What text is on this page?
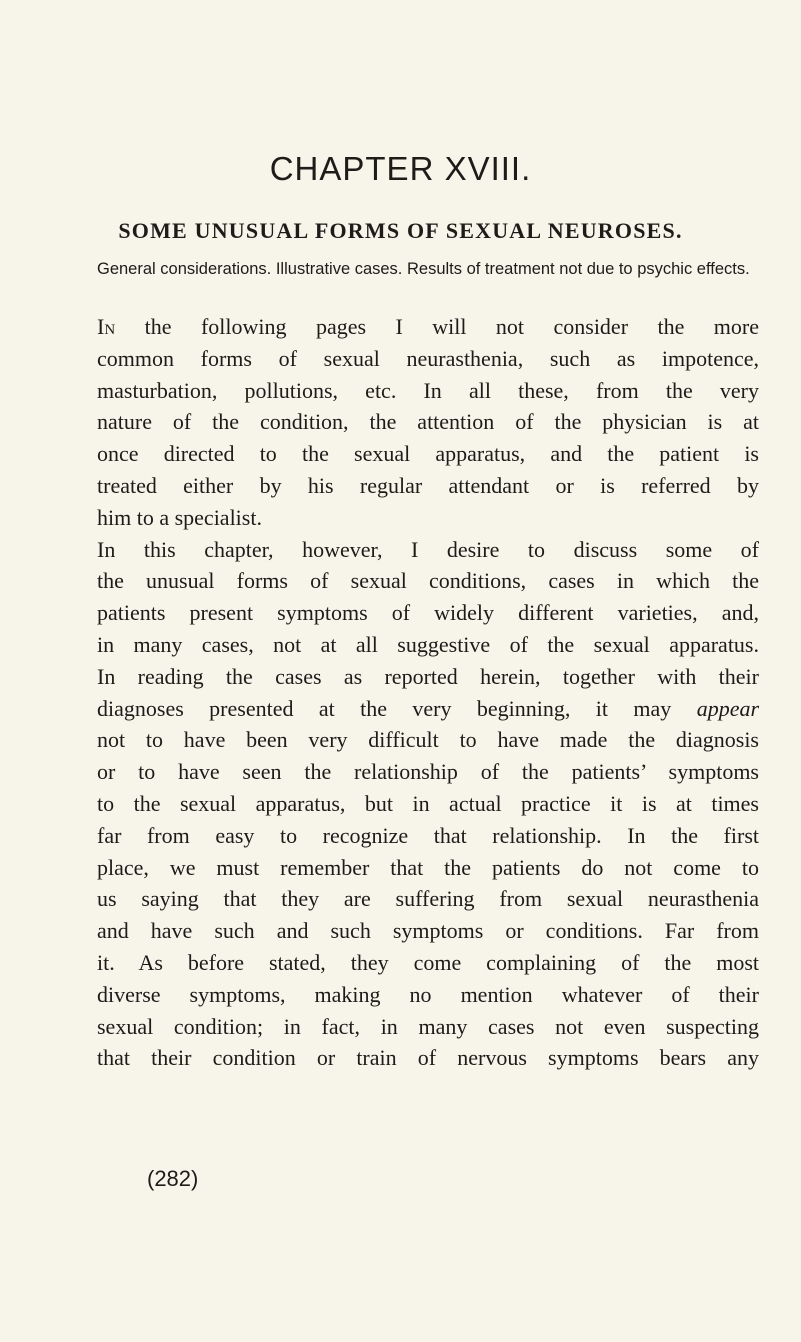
CHAPTER XVIII.
SOME UNUSUAL FORMS OF SEXUAL NEUROSES.
General considerations. Illustrative cases. Results of treatment not due to psychic effects.
In the following pages I will not consider the more
common forms of sexual neurasthenia, such as impotence,
masturbation, pollutions, etc. In all these, from the very
nature of the condition, the attention of the physician is at
once directed to the sexual apparatus, and the patient is
treated either by his regular attendant or is referred by
him to a specialist.
In this chapter, however, I desire to discuss some of
the unusual forms of sexual conditions, cases in which the
patients present symptoms of widely different varieties, and,
in many cases, not at all suggestive of the sexual apparatus.
In reading the cases as reported herein, together with their
diagnoses presented at the very beginning, it may appear
not to have been very difficult to have made the diagnosis
or to have seen the relationship of the patients’ symptoms
to the sexual apparatus, but in actual practice it is at times
far from easy to recognize that relationship. In the first
place, we must remember that the patients do not come to
us saying that they are suffering from sexual neurasthenia
and have such and such symptoms or conditions. Far from
it. As before stated, they come complaining of the most
diverse symptoms, making no mention whatever of their
sexual condition; in fact, in many cases not even suspecting
that their condition or train of nervous symptoms bears any
(282)
